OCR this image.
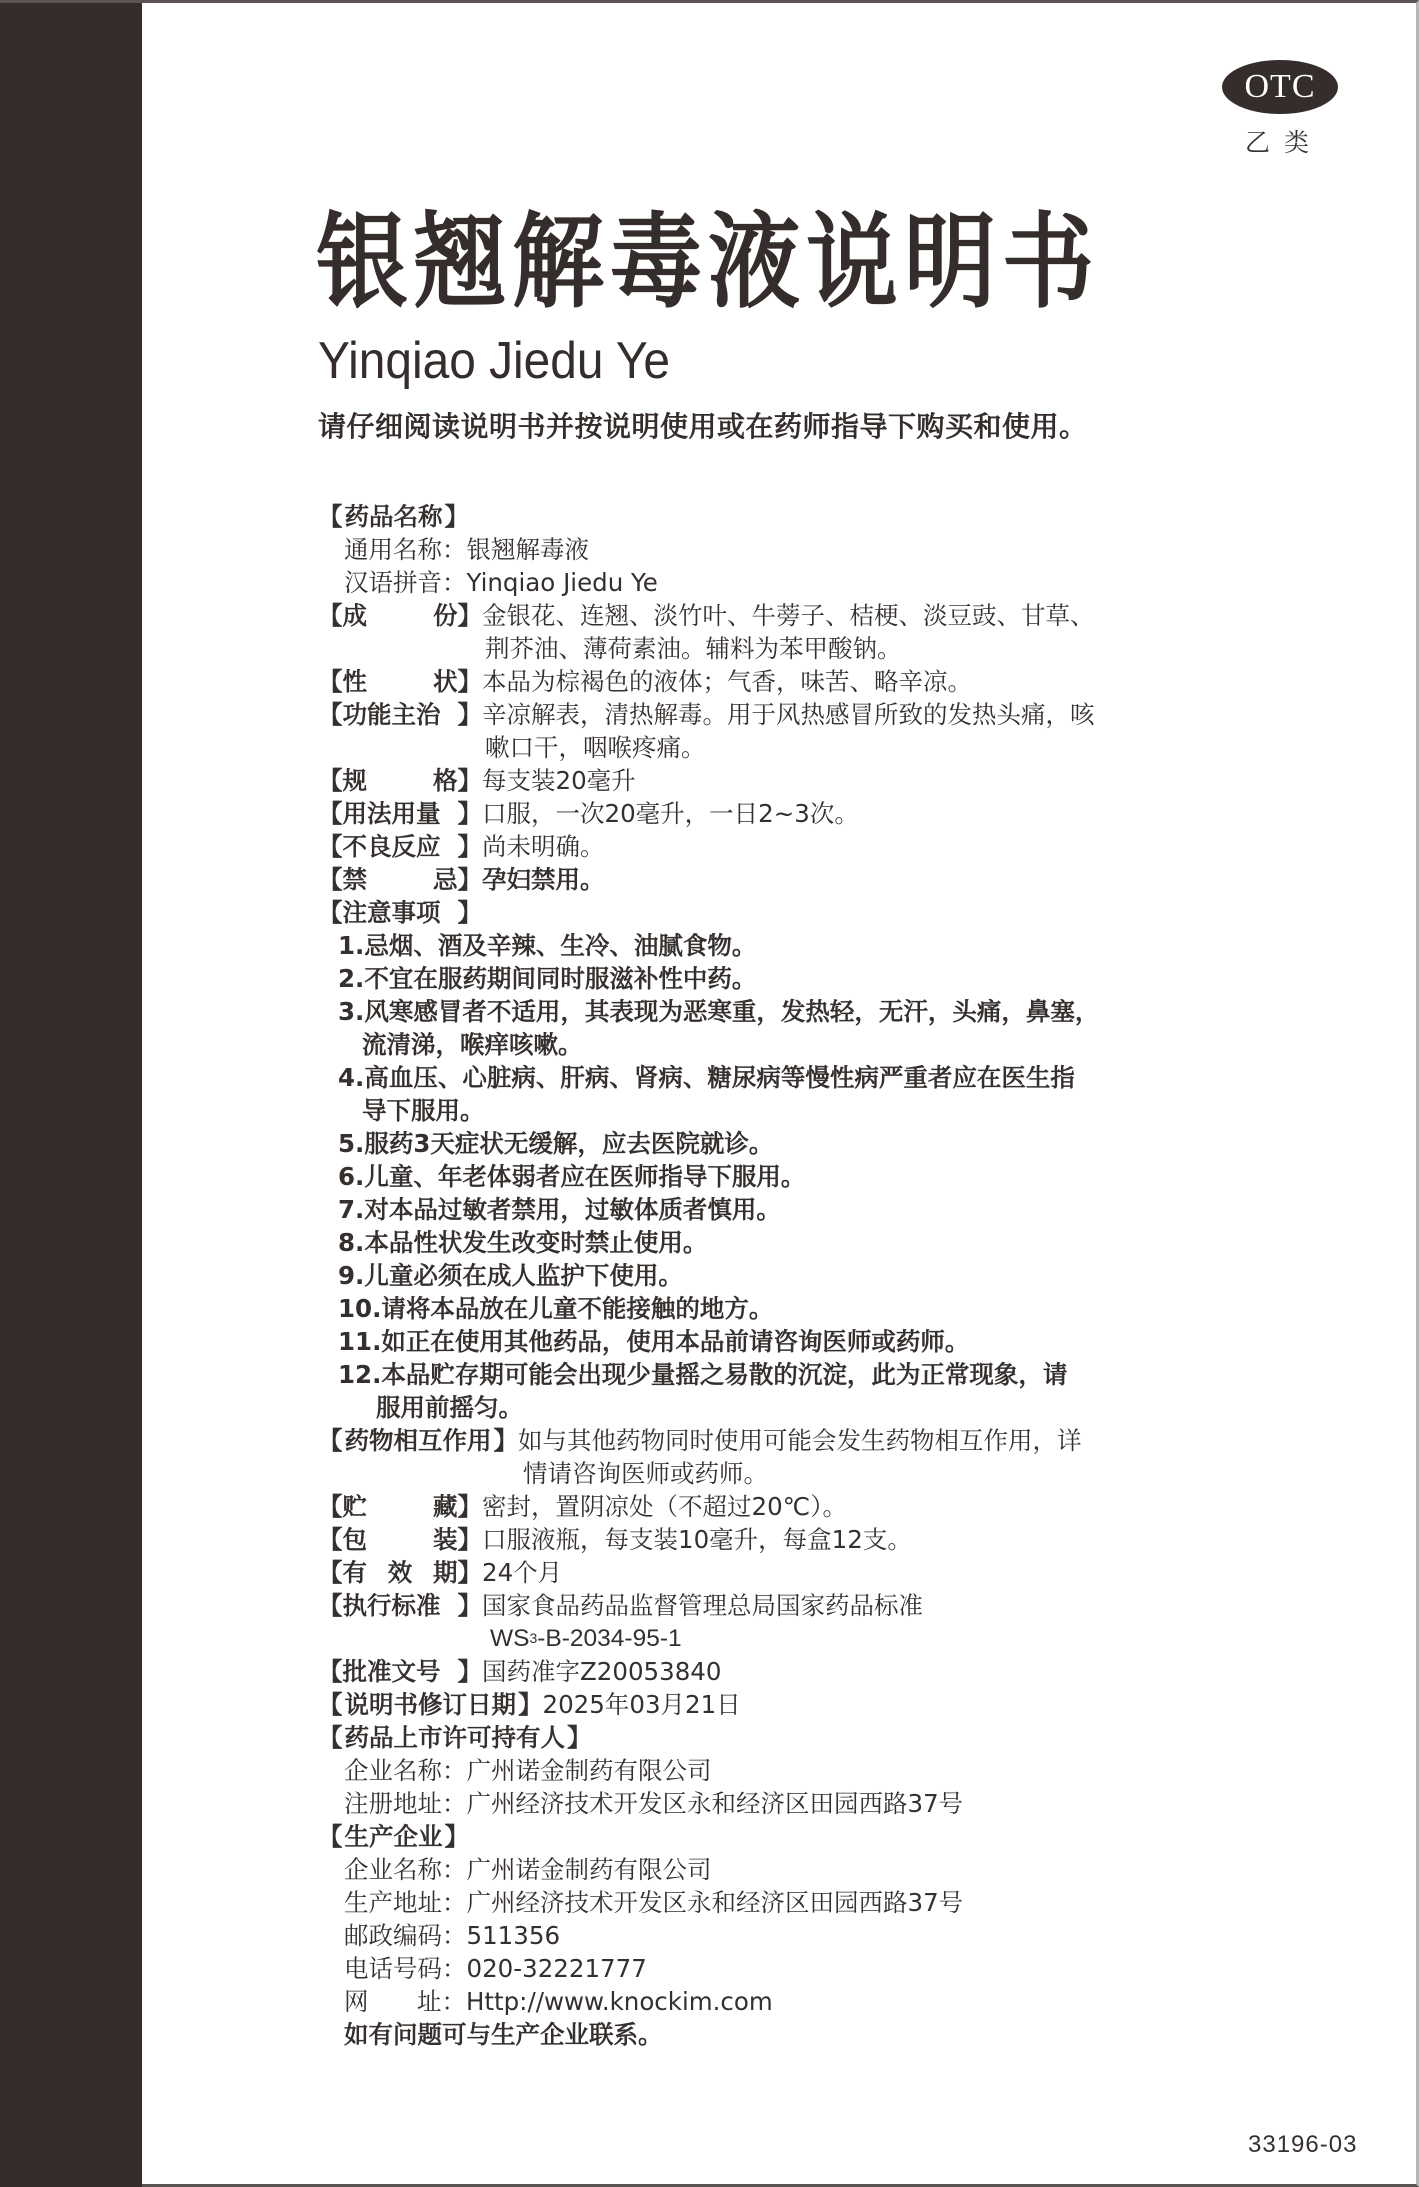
OTC
乙类
银翘解毒液说明书
Yinqiao Jiedu Ye
请仔细阅读说明书并按说明使用或在药师指导下购买和使用。
【 药品名称 】
通用名称： 银翘解毒液
汉语拼音： Yinqiao Jiedu Ye
【 成	份 】 金银花、连翘、淡竹叶、牛蒡子、桔梗、淡豆豉、甘草、
荆芥油、薄荷素油。辅料为苯甲酸钠。
【 性	状 】 本品为棕褐色的液体；气香，味苦、略辛凉。
【 功能主治 】 辛凉解表，清热解毒。用于风热感冒所致的发热头痛，咳
嗽口干，咽喉疼痛。
【 规	格 】 每支装20毫升
【 用法用量 】 口服，一次20毫升，一日2~3次。
【 不良反应 】 尚未明确。
【 禁	忌 】 孕妇禁用。
【 注意事项 】
1.忌烟、酒及辛辣、生冷、油腻食物。
2.不宜在服药期间同时服滋补性中药。
3.风寒感冒者不适用，其表现为恶寒重，发热轻，无汗，头痛，鼻塞，
流清涕，喉痒咳嗽。
4.高血压、心脏病、肝病、肾病、糖尿病等慢性病严重者应在医生指
导下服用。
5.服药3天症状无缓解，应去医院就诊。
6.儿童、年老体弱者应在医师指导下服用。
7.对本品过敏者禁用，过敏体质者慎用。
8.本品性状发生改变时禁止使用。
9.儿童必须在成人监护下使用。
10.请将本品放在儿童不能接触的地方。
11.如正在使用其他药品，使用本品前请咨询医师或药师。
12.本品贮存期可能会出现少量摇之易散的沉淀，此为正常现象，请
服用前摇匀。
【 药物相互作用 】 如与其他药物同时使用可能会发生药物相互作用，详
情请咨询医师或药师。
【 贮	藏 】 密封，置阴凉处（不超过20℃）。
【 包	装 】 口服液瓶，每支装10毫升，每盒12支。
【 有 效 期 】 24个月
【 执行标准 】 国家食品药品监督管理总局国家药品标准
WS 3 -B-2034-95-1
【 批准文号 】 国药准字Z20053840
【 说明书修订日期 】 2025年03月21日
【 药品上市许可持有人 】
企业名称： 广州诺金制药有限公司
注册地址： 广州经济技术开发区永和经济区田园西路37号
【 生产企业 】
企业名称： 广州诺金制药有限公司
生产地址： 广州经济技术开发区永和经济区田园西路37号
邮政编码： 511356
电话号码： 020-32221777
网 址： Http://www.knockim.com
如有问题可与生产企业联系。
33196-03
